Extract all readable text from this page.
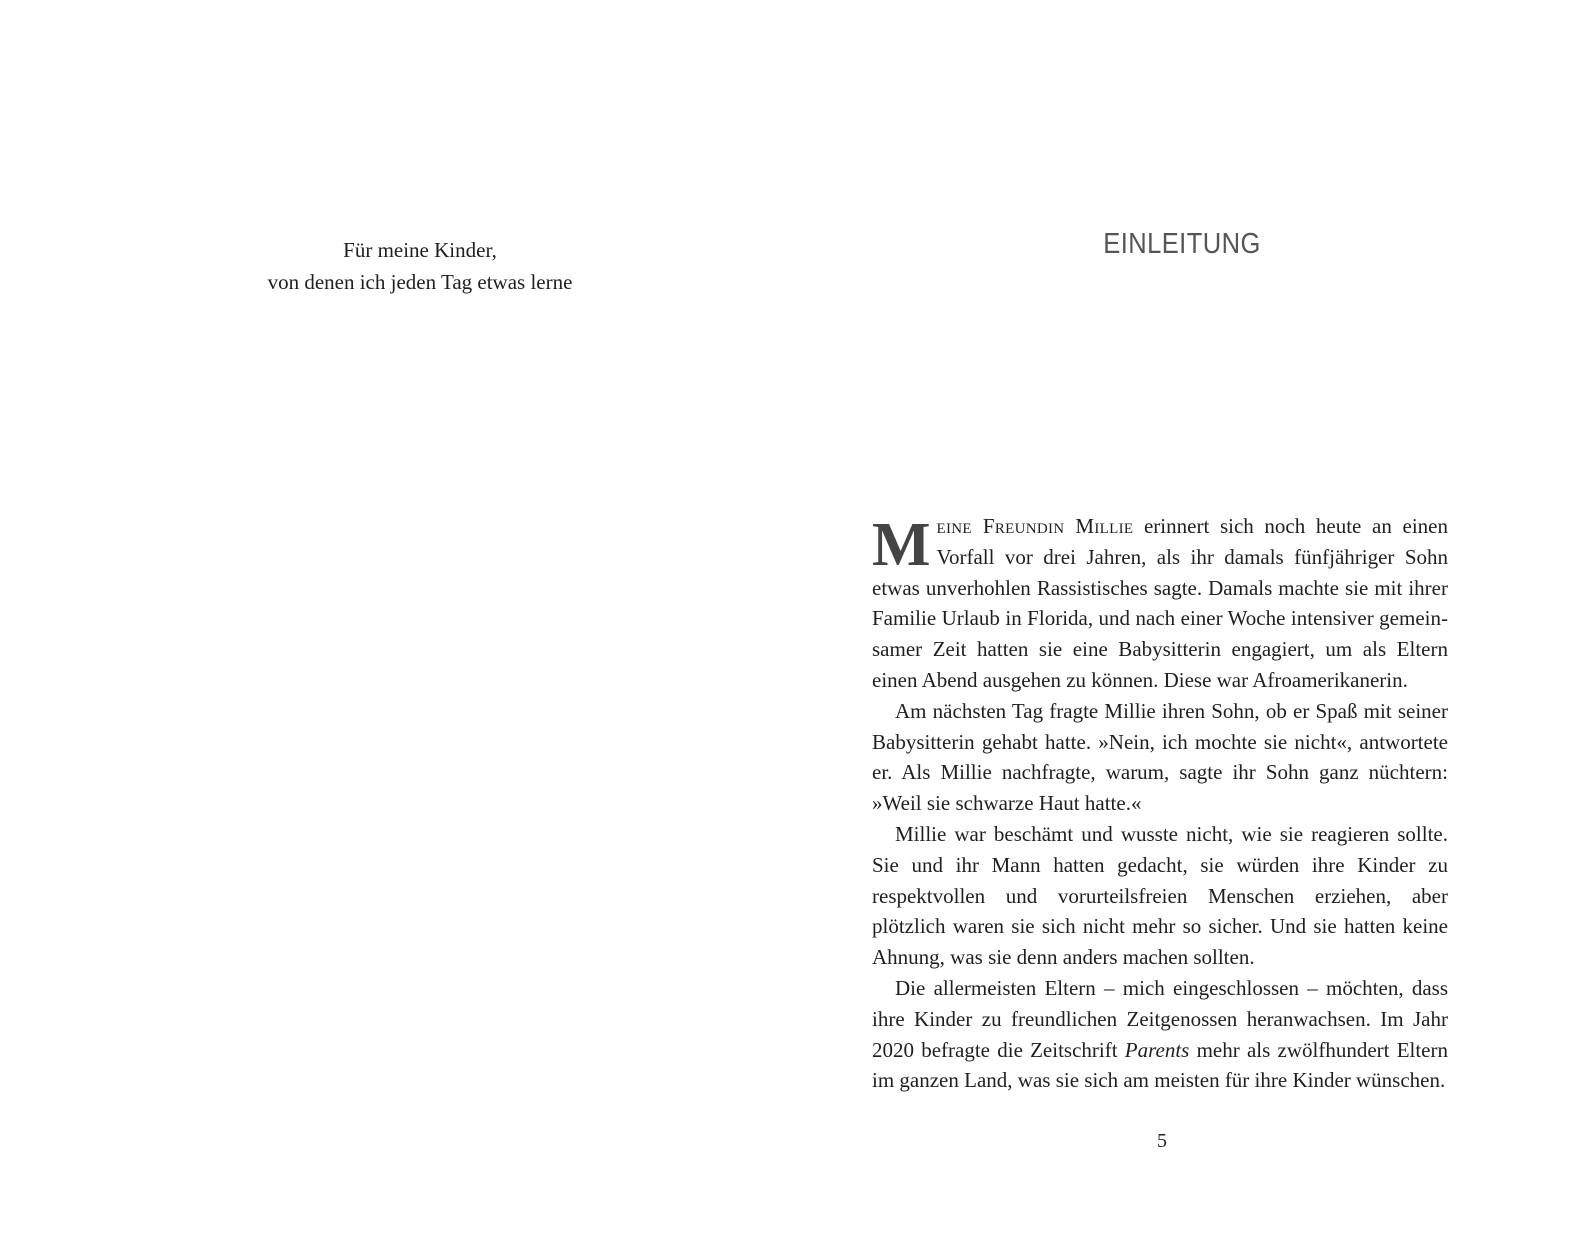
Für meine Kinder,
von denen ich jeden Tag etwas lerne
EINLEITUNG

Meine Freundin Millie erinnert sich noch heute an einen Vorfall vor drei Jahren, als ihr damals fünfjähriger Sohn etwas unverhohlen Rassistisches sagte. Damals machte sie mit ihrer Familie Urlaub in Florida, und nach einer Woche intensiver gemeinsamer Zeit hatten sie eine Babysitterin engagiert, um als Eltern einen Abend ausgehen zu können. Diese war Afroamerikanerin.

Am nächsten Tag fragte Millie ihren Sohn, ob er Spaß mit seiner Babysitterin gehabt hatte. »Nein, ich mochte sie nicht«, antwortete er. Als Millie nachfragte, warum, sagte ihr Sohn ganz nüchtern: »Weil sie schwarze Haut hatte.«

Millie war beschämt und wusste nicht, wie sie reagieren sollte. Sie und ihr Mann hatten gedacht, sie würden ihre Kinder zu respektvollen und vorurteilsfreien Menschen erziehen, aber plötzlich waren sie sich nicht mehr so sicher. Und sie hatten keine Ahnung, was sie denn anders machen sollten.

Die allermeisten Eltern – mich eingeschlossen – möchten, dass ihre Kinder zu freundlichen Zeitgenossen heranwachsen. Im Jahr 2020 befragte die Zeitschrift Parents mehr als zwölfhundert Eltern im ganzen Land, was sie sich am meisten für ihre Kinder wünschen.

5
